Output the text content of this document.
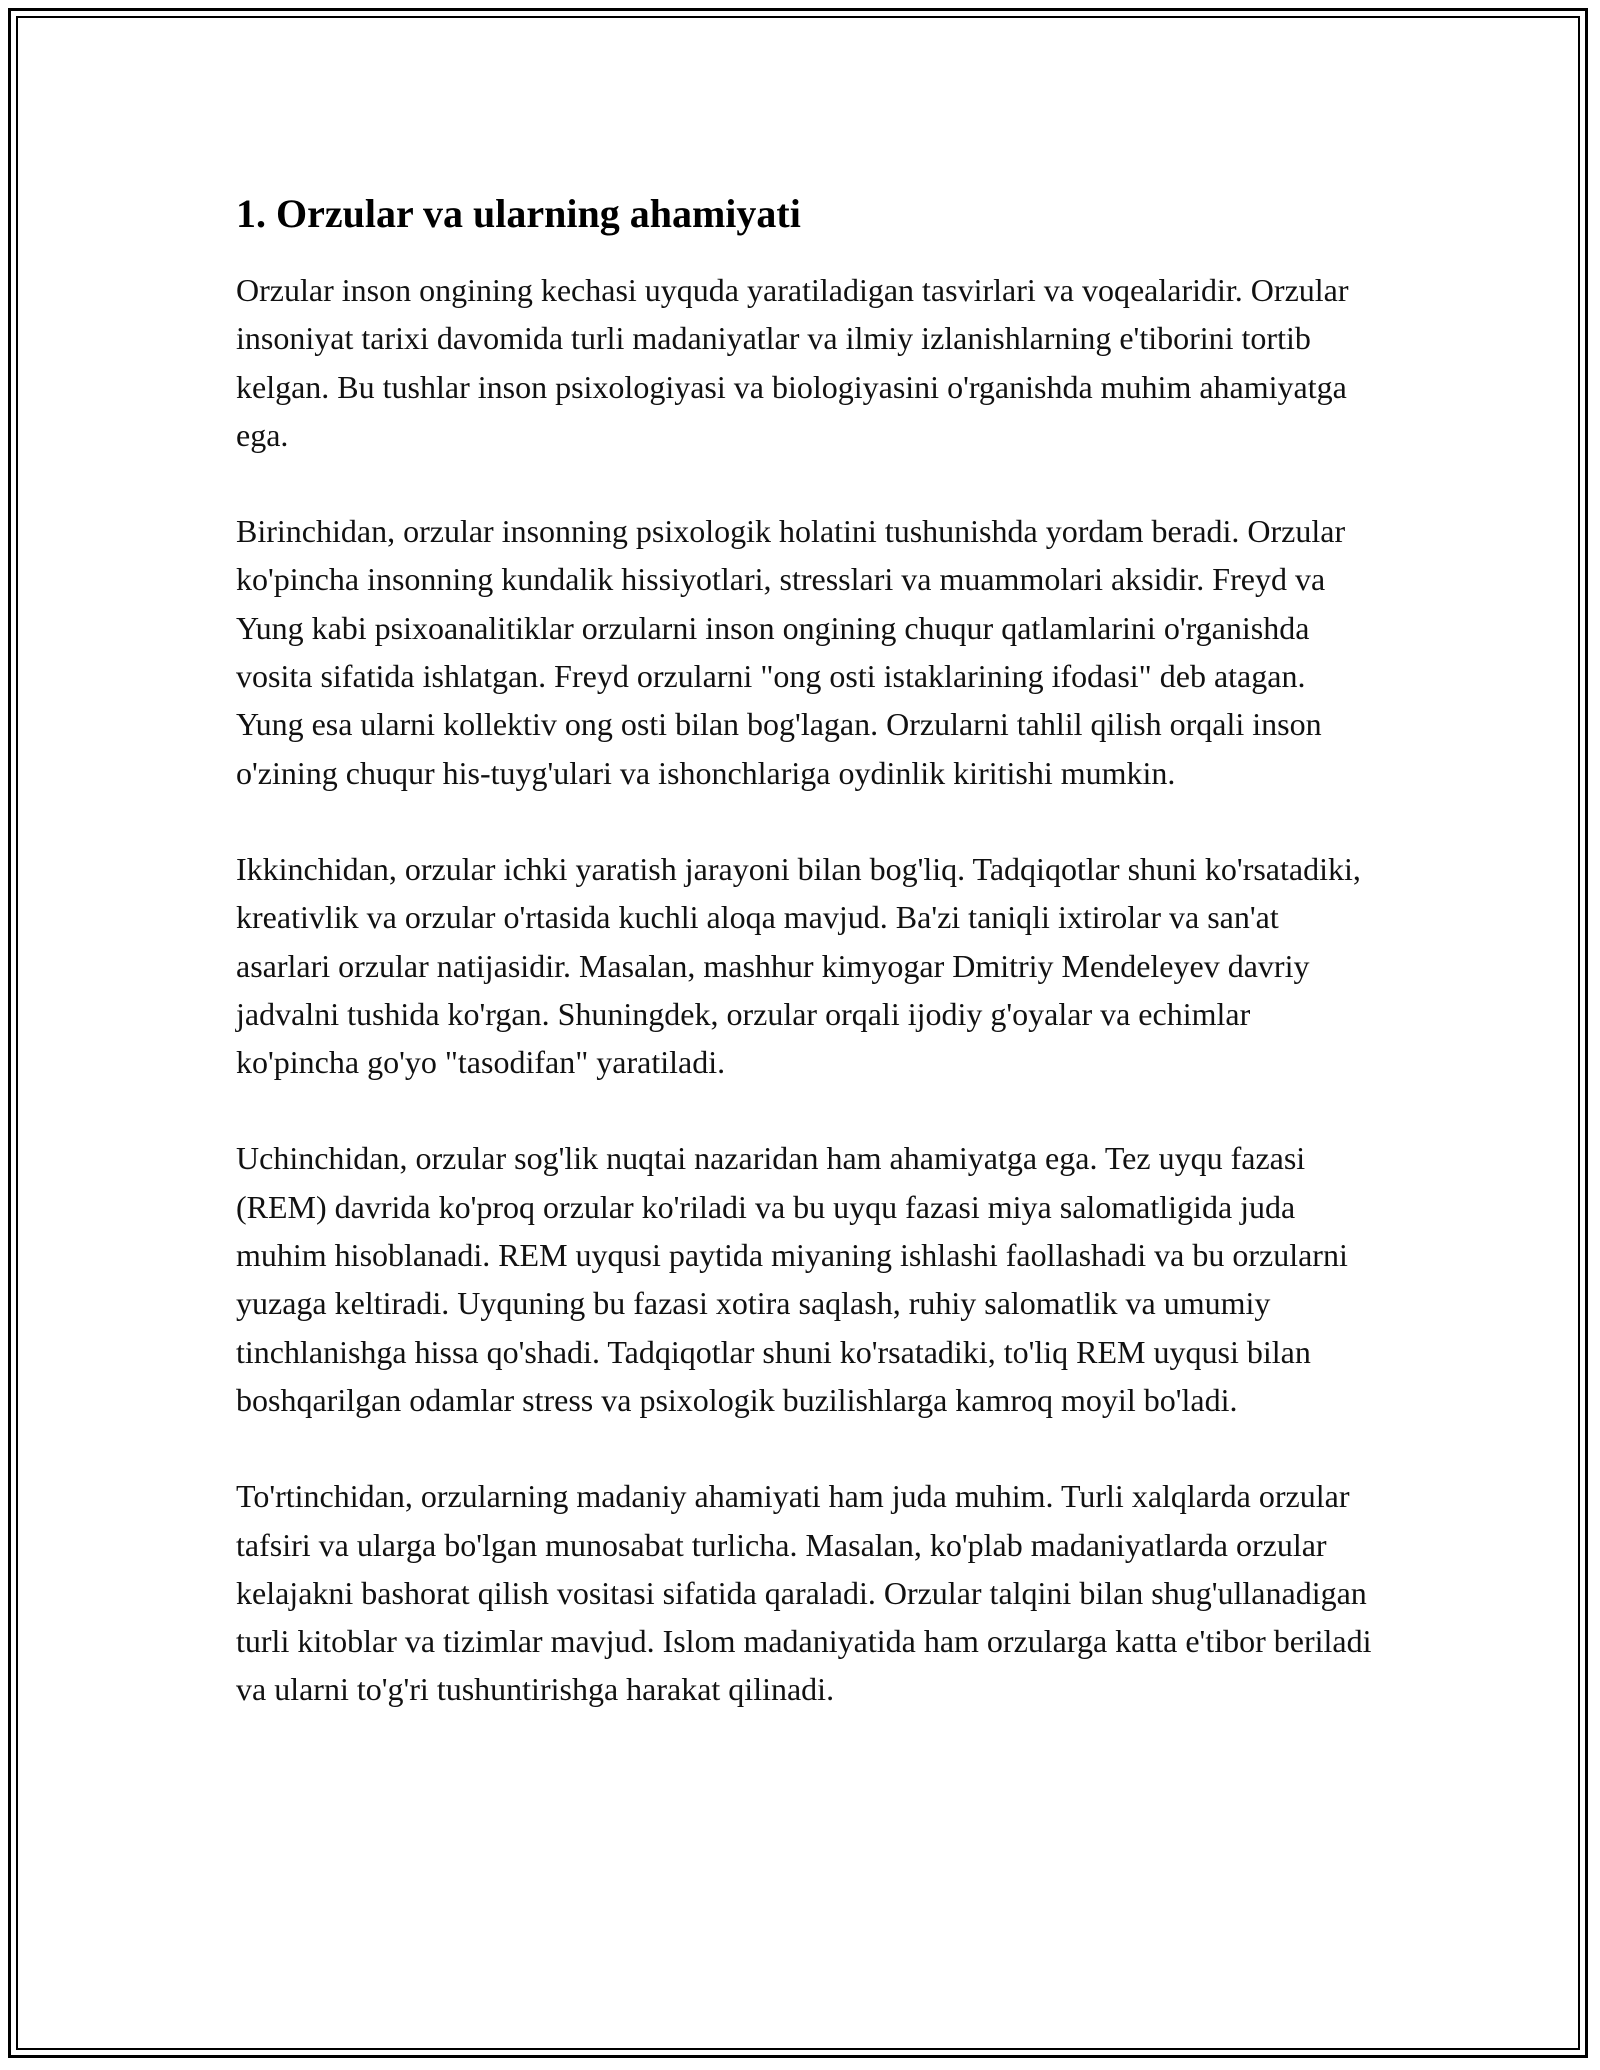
1. Orzular va ularning ahamiyati

Orzular inson ongining kechasi uyquda yaratiladigan tasvirlari va voqealaridir. Orzular insoniyat tarixi davomida turli madaniyatlar va ilmiy izlanishlarning e'tiborini tortib kelgan. Bu tushlar inson psixologiyasi va biologiyasini o'rganishda muhim ahamiyatga ega.

Birinchidan, orzular insonning psixologik holatini tushunishda yordam beradi. Orzular ko'pincha insonning kundalik hissiyotlari, stresslari va muammolari aksidir. Freyd va Yung kabi psixoanalitiklar orzularni inson ongining chuqur qatlamlarini o'rganishda vosita sifatida ishlatgan. Freyd orzularni "ong osti istaklarining ifodasi" deb atagan. Yung esa ularni kollektiv ong osti bilan bog'lagan. Orzularni tahlil qilish orqali inson o'zining chuqur his-tuyg'ulari va ishonchlariga oydinlik kiritishi mumkin.

Ikkinchidan, orzular ichki yaratish jarayoni bilan bog'liq. Tadqiqotlar shuni ko'rsatadiki, kreativlik va orzular o'rtasida kuchli aloqa mavjud. Ba'zi taniqli ixtirolar va san'at asarlari orzular natijasidir. Masalan, mashhur kimyogar Dmitriy Mendeleyev davriy jadvalni tushida ko'rgan. Shuningdek, orzular orqali ijodiy g'oyalar va echimlar ko'pincha go'yo "tasodifan" yaratiladi.

Uchinchidan, orzular sog'lik nuqtai nazaridan ham ahamiyatga ega. Tez uyqu fazasi (REM) davrida ko'proq orzular ko'riladi va bu uyqu fazasi miya salomatligida juda muhim hisoblanadi. REM uyqusi paytida miyaning ishlashi faollashadi va bu orzularni yuzaga keltiradi. Uyquning bu fazasi xotira saqlash, ruhiy salomatlik va umumiy tinchlanishga hissa qo'shadi. Tadqiqotlar shuni ko'rsatadiki, to'liq REM uyqusi bilan boshqarilgan odamlar stress va psixologik buzilishlarga kamroq moyil bo'ladi.

To'rtinchidan, orzularning madaniy ahamiyati ham juda muhim. Turli xalqlarda orzular tafsiri va ularga bo'lgan munosabat turlicha. Masalan, ko'plab madaniyatlarda orzular kelajakni bashorat qilish vositasi sifatida qaraladi. Orzular talqini bilan shug'ullanadigan turli kitoblar va tizimlar mavjud. Islom madaniyatida ham orzularga katta e'tibor beriladi va ularni to'g'ri tushuntirishga harakat qilinadi.
